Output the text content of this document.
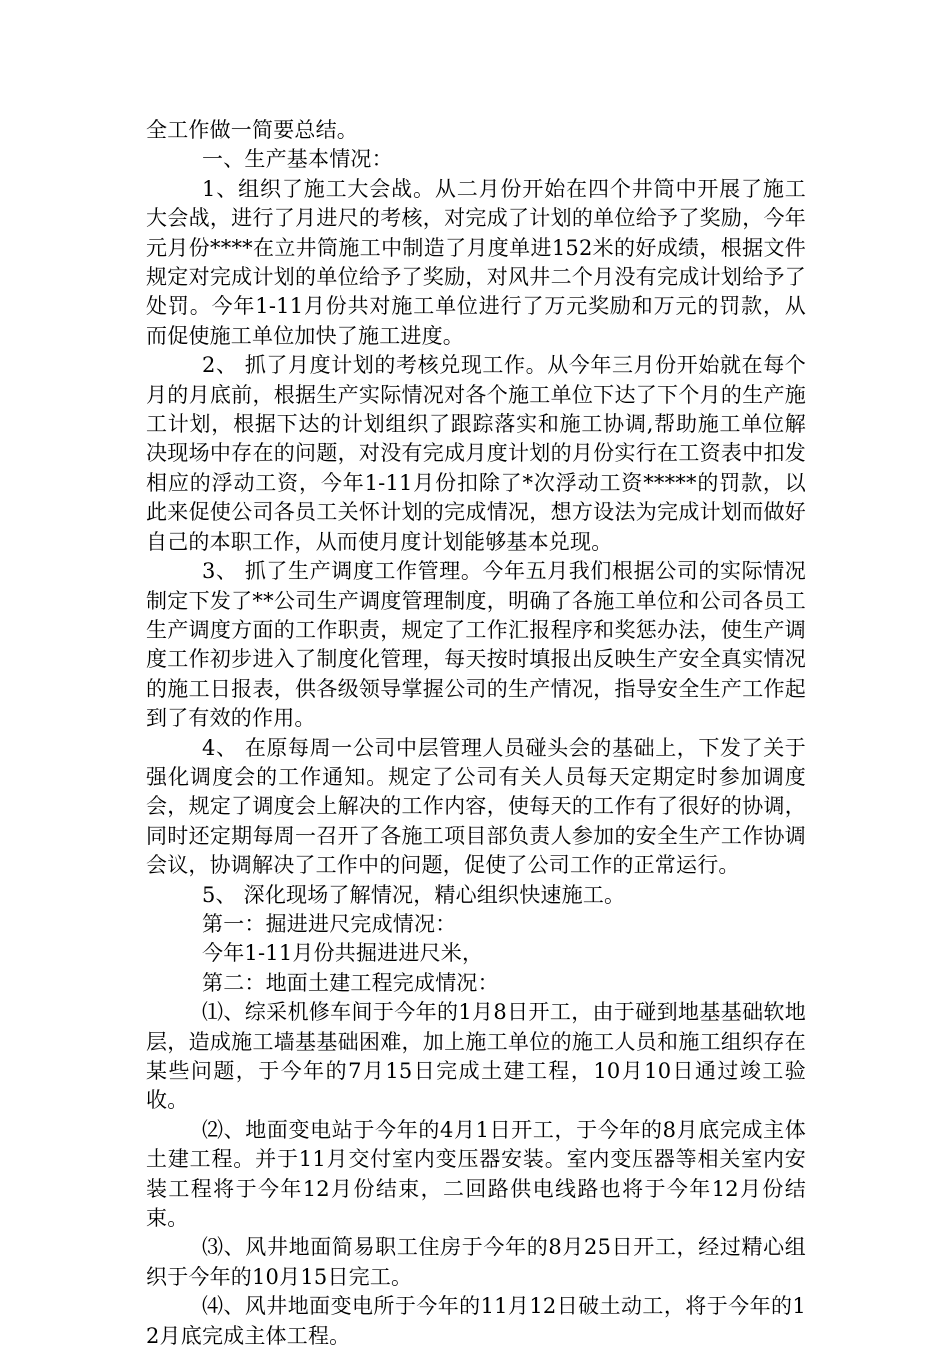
全工作做一简要总结。

一、生产基本情况：

1、组织了施工大会战。从二月份开始在四个井筒中开展了施工大会战，进行了月进尺的考核，对完成了计划的单位给予了奖励，今年元月份****在立井筒施工中制造了月度单进152米的好成绩，根据文件规定对完成计划的单位给予了奖励，对风井二个月没有完成计划给予了处罚。今年1-11月份共对施工单位进行了万元奖励和万元的罚款，从而促使施工单位加快了施工进度。

2、 抓了月度计划的考核兑现工作。从今年三月份开始就在每个月的月底前，根据生产实际情况对各个施工单位下达了下个月的生产施工计划，根据下达的计划组织了跟踪落实和施工协调,帮助施工单位解决现场中存在的问题，对没有完成月度计划的月份实行在工资表中扣发相应的浮动工资，今年1-11月份扣除了*次浮动工资*****的罚款，以此来促使公司各员工关怀计划的完成情况，想方设法为完成计划而做好自己的本职工作，从而使月度计划能够基本兑现。

3、 抓了生产调度工作管理。今年五月我们根据公司的实际情况制定下发了**公司生产调度管理制度，明确了各施工单位和公司各员工生产调度方面的工作职责，规定了工作汇报程序和奖惩办法，使生产调度工作初步进入了制度化管理，每天按时填报出反映生产安全真实情况的施工日报表，供各级领导掌握公司的生产情况，指导安全生产工作起到了有效的作用。

4、 在原每周一公司中层管理人员碰头会的基础上，下发了关于强化调度会的工作通知。规定了公司有关人员每天定期定时参加调度会，规定了调度会上解决的工作内容，使每天的工作有了很好的协调，同时还定期每周一召开了各施工项目部负责人参加的安全生产工作协调会议，协调解决了工作中的问题，促使了公司工作的正常运行。

5、 深化现场了解情况，精心组织快速施工。

第一：掘进进尺完成情况：

今年1-11月份共掘进进尺米，

第二：地面土建工程完成情况：

⑴、综采机修车间于今年的1月8日开工，由于碰到地基基础软地层，造成施工墙基基础困难，加上施工单位的施工人员和施工组织存在某些问题，于今年的7月15日完成土建工程，10月10日通过竣工验收。

⑵、地面变电站于今年的4月1日开工，于今年的8月底完成主体土建工程。并于11月交付室内变压器安装。室内变压器等相关室内安装工程将于今年12月份结束，二回路供电线路也将于今年12月份结束。

⑶、风井地面简易职工住房于今年的8月25日开工，经过精心组织于今年的10月15日完工。

⑷、风井地面变电所于今年的11月12日破土动工，将于今年的12月底完成主体工程。
